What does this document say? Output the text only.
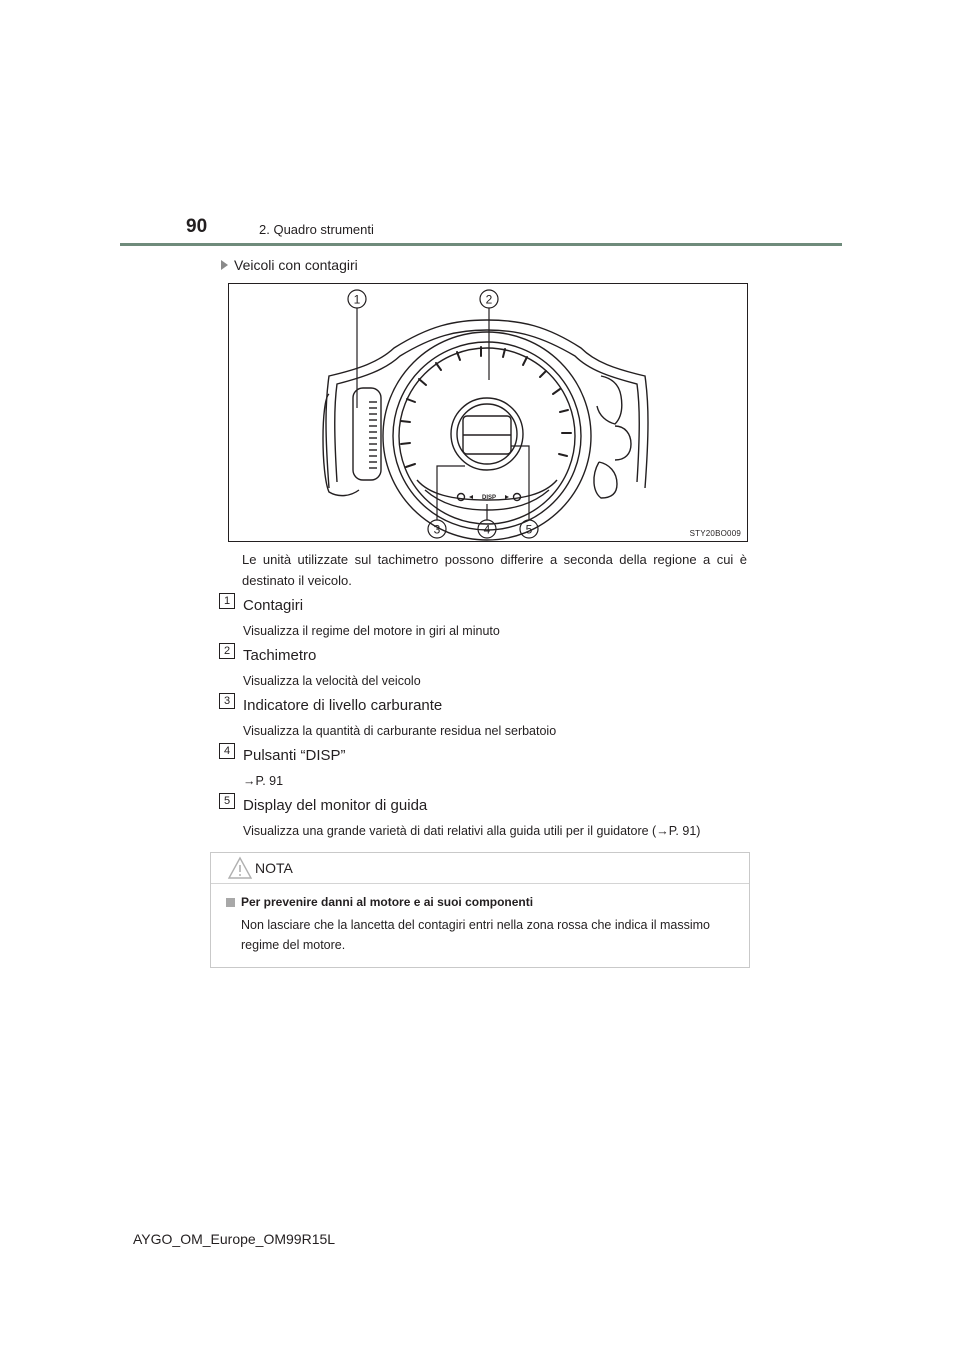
90	2. Quadro strumenti
Veicoli con contagiri
1	2
3	4	5
DISP
STY20BO009
Le unità utilizzate sul tachimetro possono differire a seconda della regione a cui è destinato il veicolo.
1 Contagiri
Visualizza il regime del motore in giri al minuto
2 Tachimetro
Visualizza la velocità del veicolo
3 Indicatore di livello carburante
Visualizza la quantità di carburante residua nel serbatoio
4 Pulsanti “DISP”
→P. 91
5 Display del monitor di guida
Visualizza una grande varietà di dati relativi alla guida utili per il guidatore (→P. 91)
NOTA
Per prevenire danni al motore e ai suoi componenti
Non lasciare che la lancetta del contagiri entri nella zona rossa che indica il massimo regime del motore.
AYGO_OM_Europe_OM99R15L
